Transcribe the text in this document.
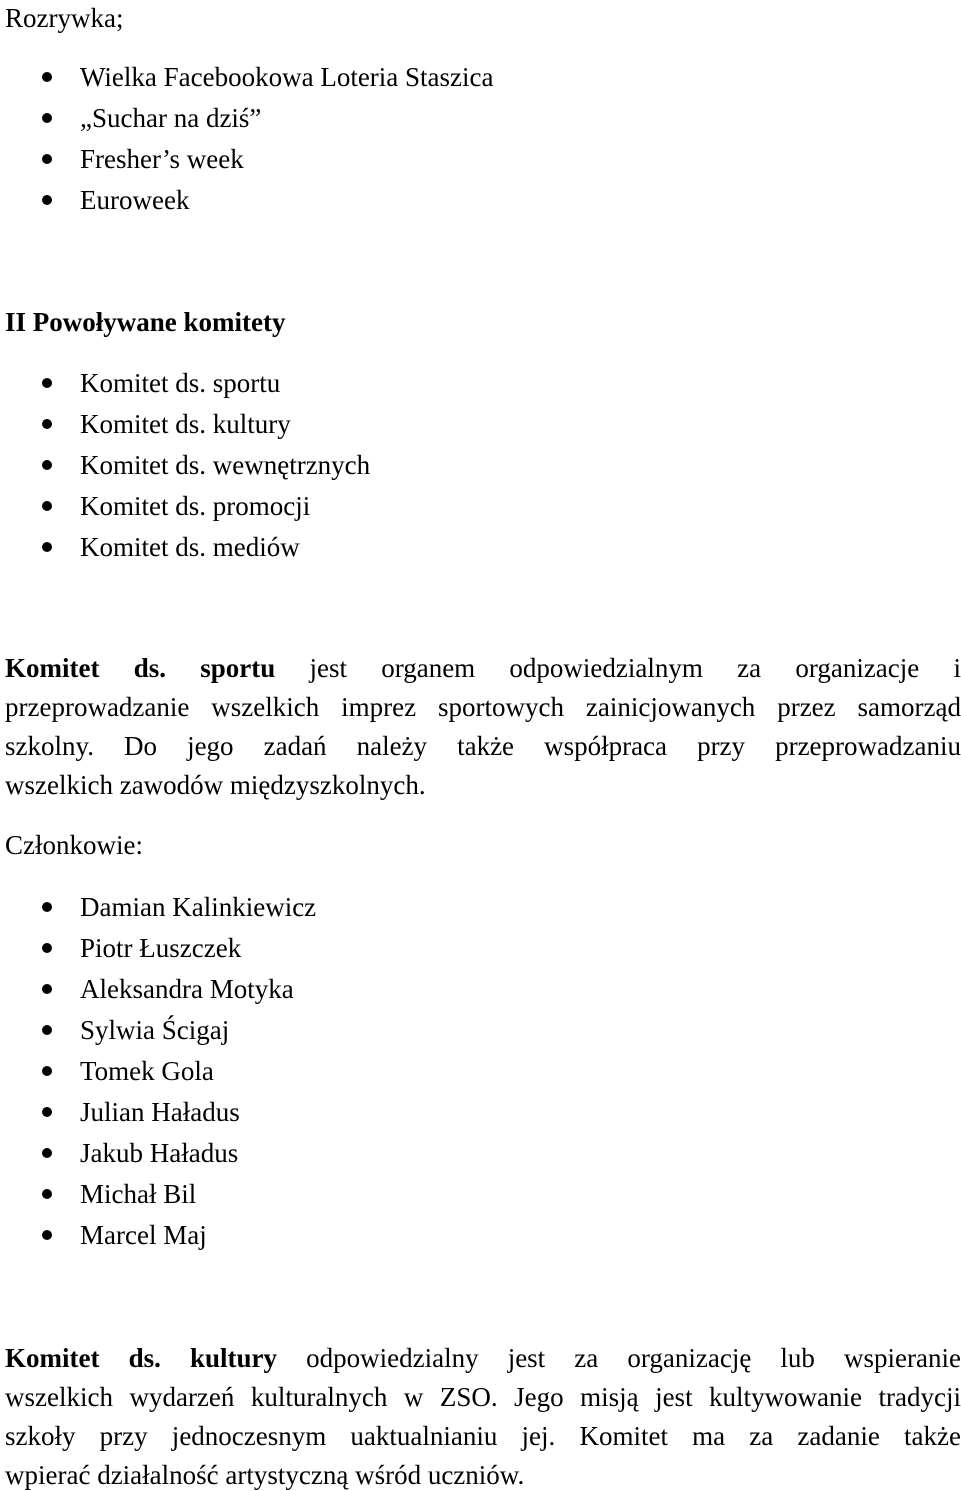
Rozrywka;
Wielka Facebookowa Loteria Staszica
„Suchar na dziś”
Fresher’s week
Euroweek
II Powoływane komitety
Komitet ds. sportu
Komitet ds. kultury
Komitet ds. wewnętrznych
Komitet ds. promocji
Komitet ds. mediów
Komitet ds. sportu jest organem odpowiedzialnym za organizacje i
przeprowadzanie wszelkich imprez sportowych zainicjowanych przez samorząd
szkolny. Do jego zadań należy także współpraca przy przeprowadzaniu
wszelkich zawodów międzyszkolnych.
Członkowie:
Damian Kalinkiewicz
Piotr Łuszczek
Aleksandra Motyka
Sylwia Ścigaj
Tomek Gola
Julian Haładus
Jakub Haładus
Michał Bil
Marcel Maj
Komitet ds. kultury odpowiedzialny jest za organizację lub wspieranie
wszelkich wydarzeń kulturalnych w ZSO. Jego misją jest kultywowanie tradycji
szkoły przy jednoczesnym uaktualnianiu jej. Komitet ma za zadanie także
wpierać działalność artystyczną wśród uczniów.
